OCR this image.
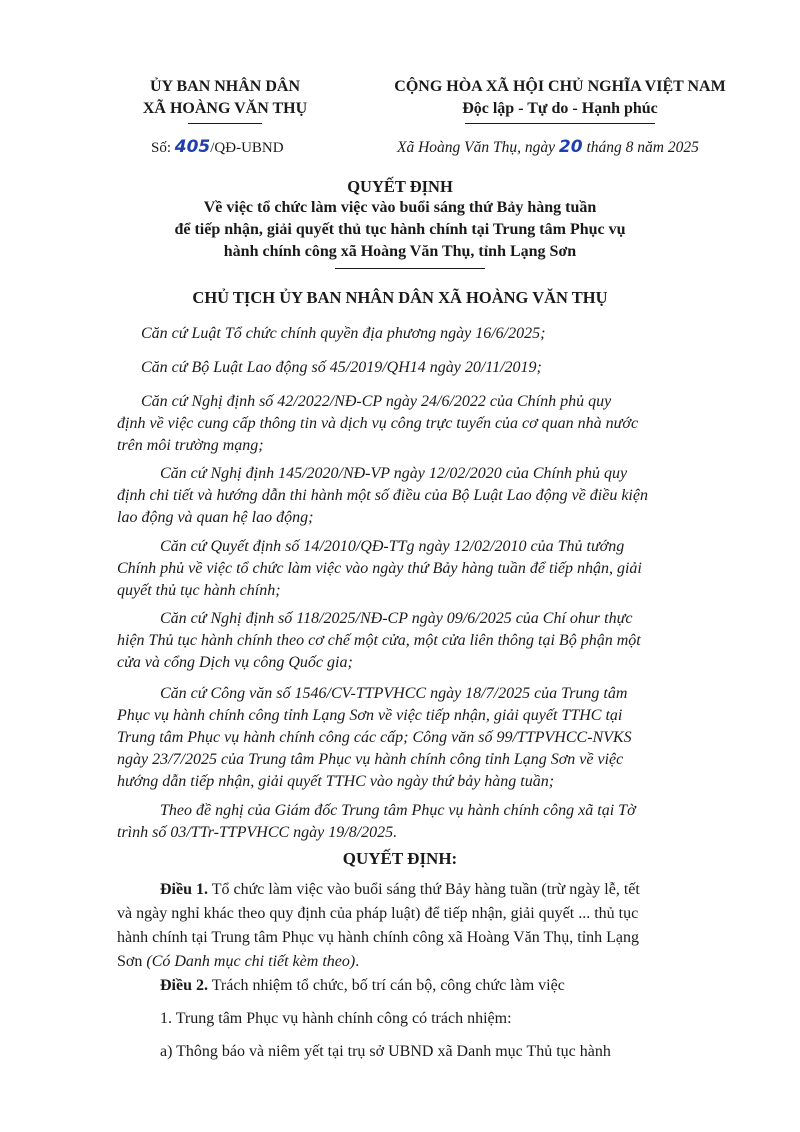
ỦY BAN NHÂN DÂN
XÃ HOÀNG VĂN THỤ
CỘNG HÒA XÃ HỘI CHỦ NGHĨA VIỆT NAM
Độc lập - Tự do - Hạnh phúc
Số: 405/QĐ-UBND	Xã Hoàng Văn Thụ, ngày 20 tháng 8 năm 2025
QUYẾT ĐỊNH
Về việc tổ chức làm việc vào buổi sáng thứ Bảy hàng tuần
để tiếp nhận, giải quyết thủ tục hành chính tại Trung tâm Phục vụ
hành chính công xã Hoàng Văn Thụ, tỉnh Lạng Sơn
CHỦ TỊCH ỦY BAN NHÂN DÂN XÃ HOÀNG VĂN THỤ
Căn cứ Luật Tổ chức chính quyền địa phương ngày 16/6/2025;
Căn cứ Bộ Luật Lao động số 45/2019/QH14 ngày 20/11/2019;
Căn cứ Nghị định số 42/2022/NĐ-CP ngày 24/6/2022 của Chính phủ quy
định về việc cung cấp thông tin và dịch vụ công trực tuyến của cơ quan nhà nước
trên môi trường mạng;
Căn cứ Nghị định 145/2020/NĐ-VP ngày 12/02/2020 của Chính phủ quy
định chi tiết và hướng dẫn thi hành một số điều của Bộ Luật Lao động về điều kiện
lao động và quan hệ lao động;
Căn cứ Quyết định số 14/2010/QĐ-TTg ngày 12/02/2010 của Thủ tướng
Chính phủ về việc tổ chức làm việc vào ngày thứ Bảy hàng tuần để tiếp nhận, giải
quyết thủ tục hành chính;
Căn cứ Nghị định số 118/2025/NĐ-CP ngày 09/6/2025 của Chí ohur thực
hiện Thủ tục hành chính theo cơ chế một cửa, một cửa liên thông tại Bộ phận một
cửa và cổng Dịch vụ công Quốc gia;
Căn cứ Công văn số 1546/CV-TTPVHCC ngày 18/7/2025 của Trung tâm
Phục vụ hành chính công tỉnh Lạng Sơn về việc tiếp nhận, giải quyết TTHC tại
Trung tâm Phục vụ hành chính công các cấp; Công văn số 99/TTPVHCC-NVKS
ngày 23/7/2025 của Trung tâm Phục vụ hành chính công tỉnh Lạng Sơn về việc
hướng dẫn tiếp nhận, giải quyết TTHC vào ngày thứ bảy hàng tuần;
Theo đề nghị của Giám đốc Trung tâm Phục vụ hành chính công xã tại Tờ
trình số 03/TTr-TTPVHCC ngày 19/8/2025.
QUYẾT ĐỊNH:
Điều 1. Tổ chức làm việc vào buổi sáng thứ Bảy hàng tuần (trừ ngày lễ, tết
và ngày nghỉ khác theo quy định của pháp luật) để tiếp nhận, giải quyết ... thủ tục
hành chính tại Trung tâm Phục vụ hành chính công xã Hoàng Văn Thụ, tỉnh Lạng
Sơn (Có Danh mục chi tiết kèm theo).
Điều 2. Trách nhiệm tổ chức, bố trí cán bộ, công chức làm việc
1. Trung tâm Phục vụ hành chính công có trách nhiệm:
a) Thông báo và niêm yết tại trụ sở UBND xã Danh mục Thủ tục hành
